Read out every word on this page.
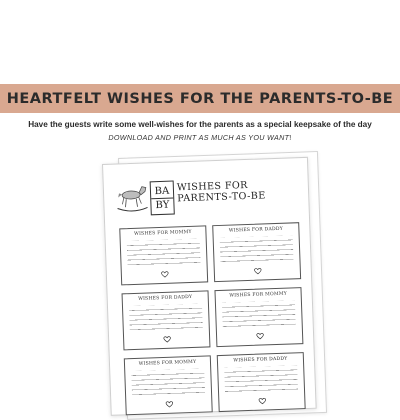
HEARTFELT WISHES FOR THE PARENTS-TO-BE
Have the guests write some well-wishes for the parents as a special keepsake of the day
DOWNLOAD AND PRINT AS MUCH AS YOU WANT!
BA
BY
WISHES FOR
PARENTS-TO-BE
WISHES FOR MOMMY	WISHES FOR DADDY
WISHES FOR DADDY	WISHES FOR MOMMY
WISHES FOR MOMMY	WISHES FOR DADDY
